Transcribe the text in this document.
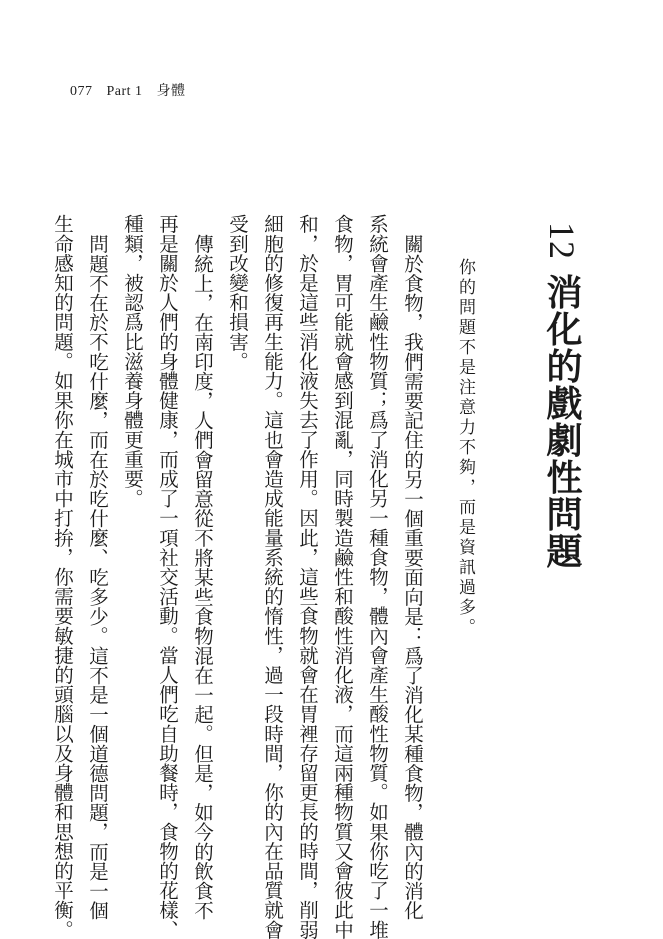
077 Part 1 身體
12 消化的戲劇性問題
你的問題不是注意力不夠，而是資訊過多。
關於食物，我們需要記住的另一個重要面向是：爲了消化某種食物，體內的消化
系統會產生鹼性物質；爲了消化另一種食物，體內會產生酸性物質。如果你吃了一堆
食物，胃可能就會感到混亂，同時製造鹼性和酸性消化液，而這兩種物質又會彼此中
和，於是這些消化液失去了作用。因此，這些食物就會在胃裡存留更長的時間，削弱
細胞的修復再生能力。這也會造成能量系統的惰性，過一段時間，你的內在品質就會
受到改變和損害。
傳統上，在南印度，人們會留意從不將某些食物混在一起。但是，如今的飲食不
再是關於人們的身體健康，而成了一項社交活動。當人們吃自助餐時，食物的花樣、
種類，被認爲比滋養身體更重要。
問題不在於不吃什麼，而在於吃什麼、吃多少。這不是一個道德問題，而是一個
生命感知的問題。如果你在城市中打拚，你需要敏捷的頭腦以及身體和思想的平衡。
